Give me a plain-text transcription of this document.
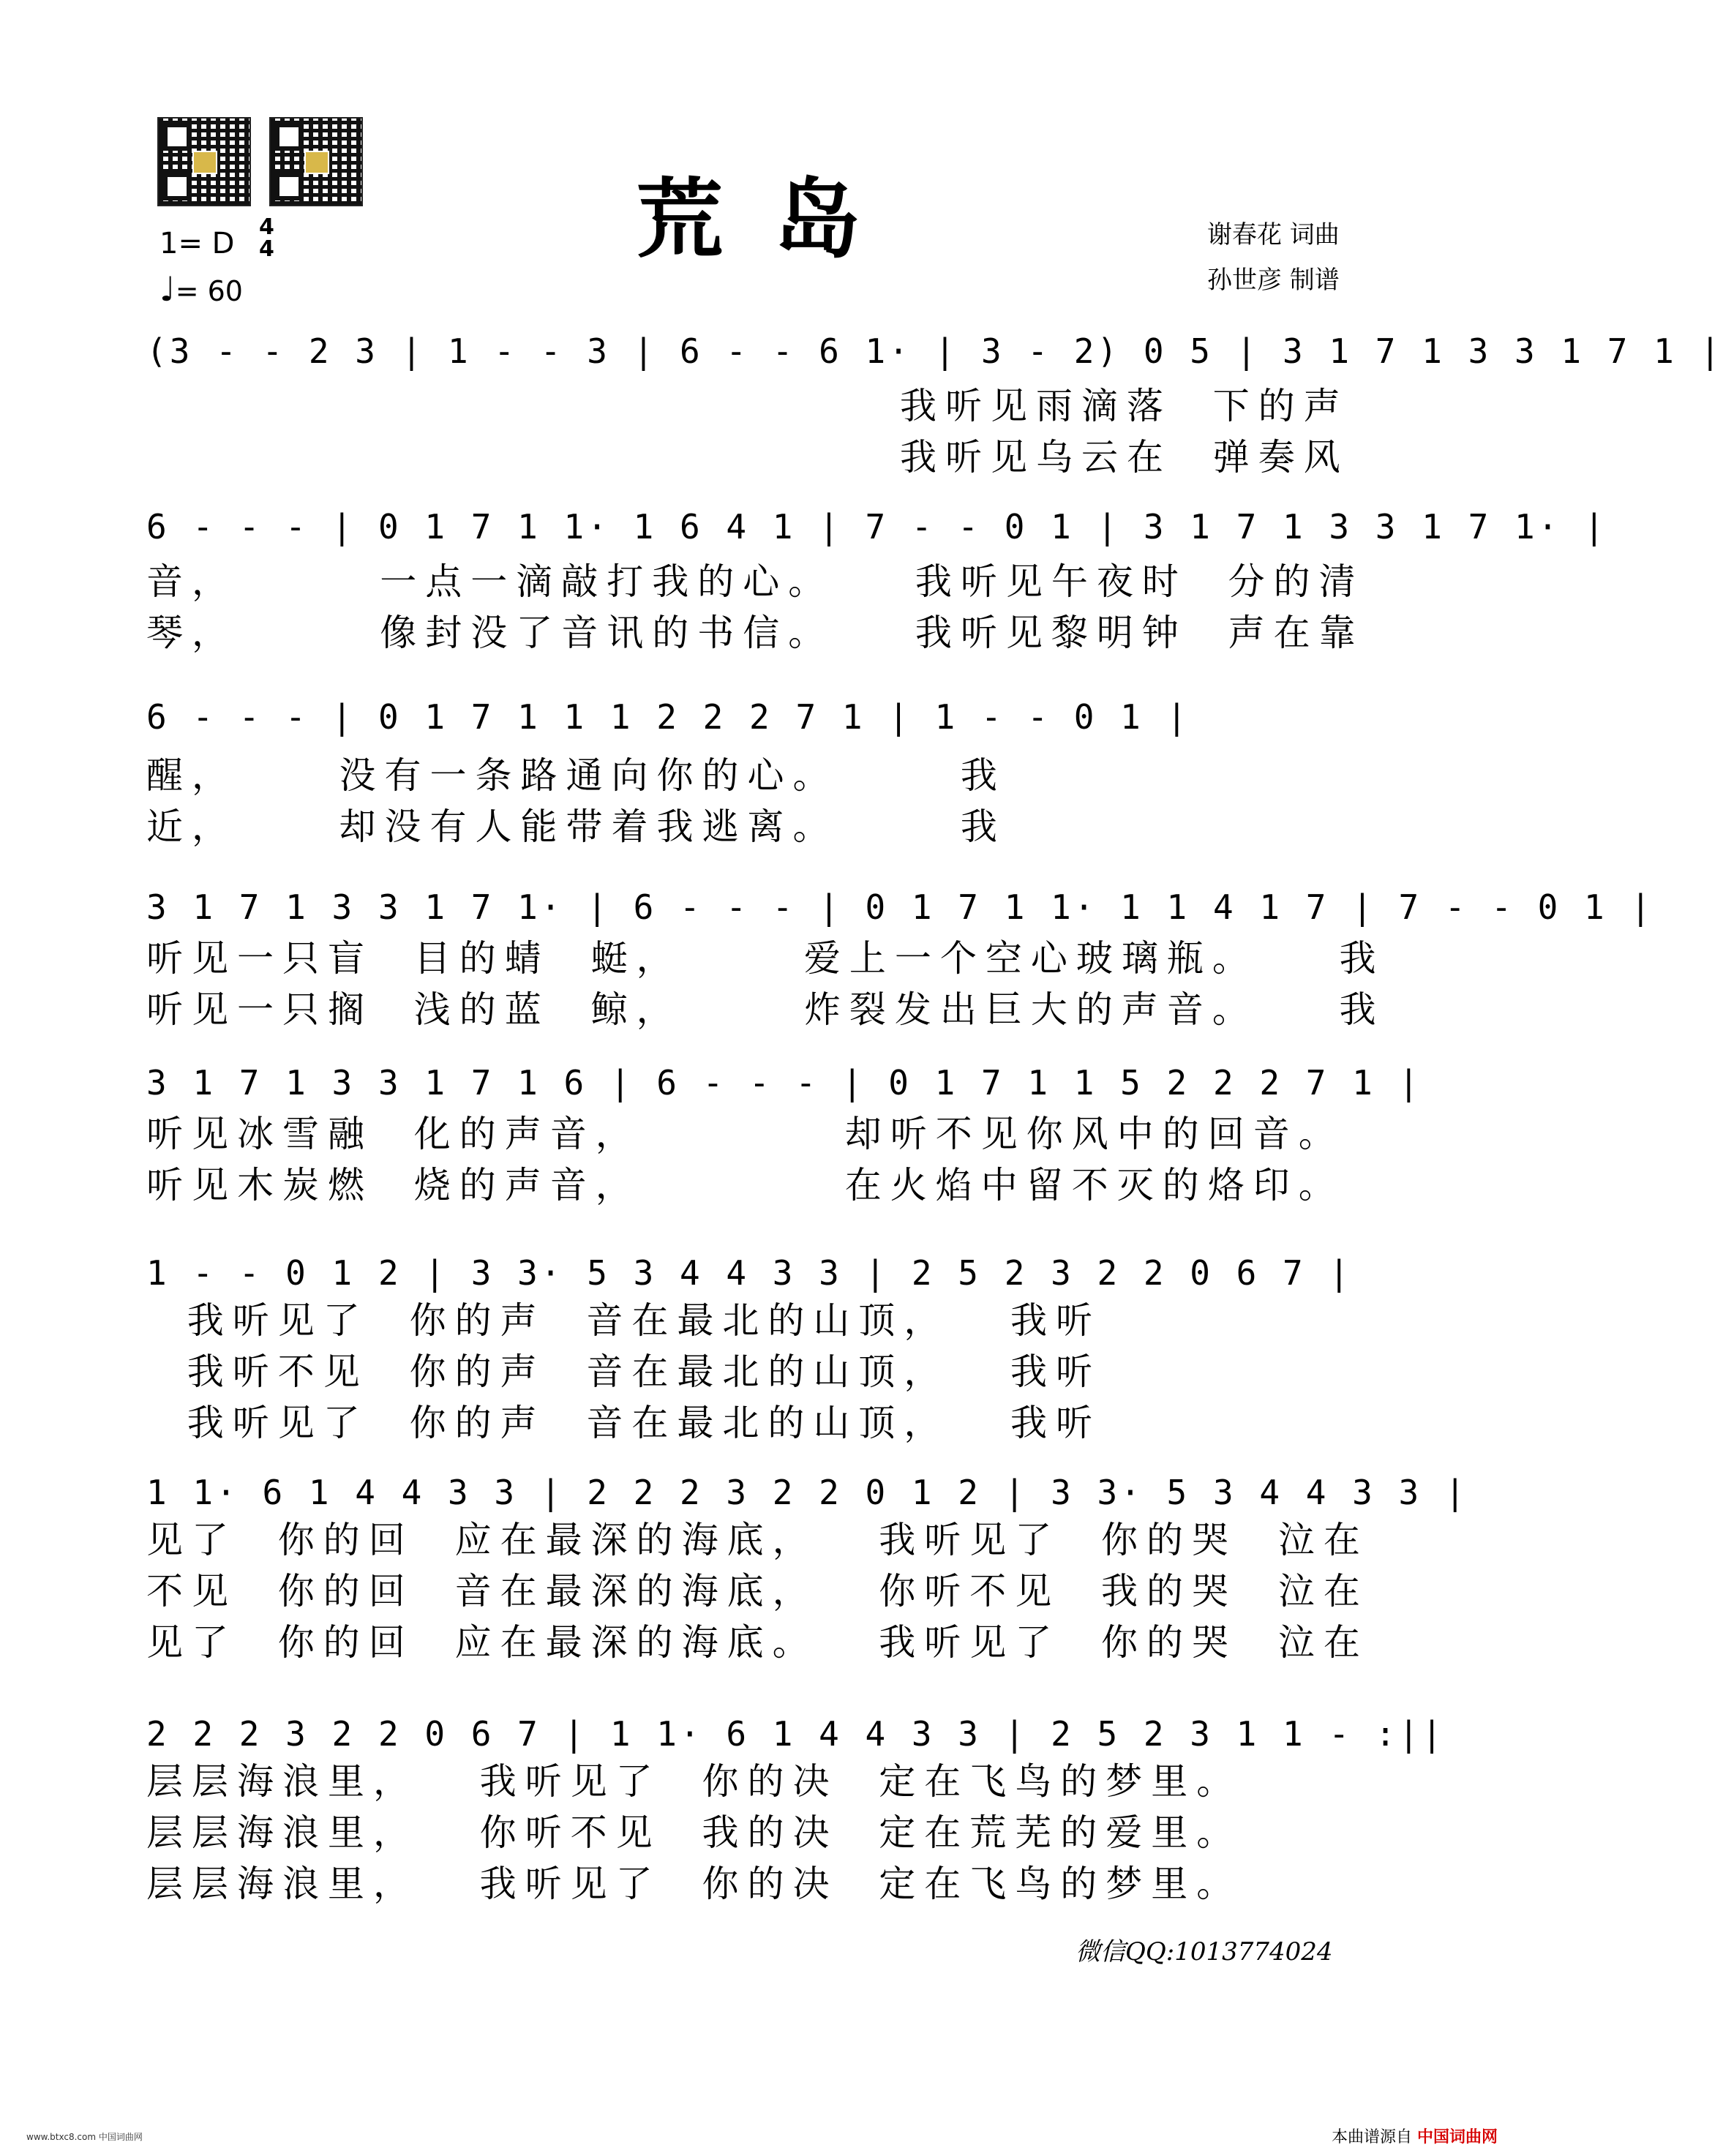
荒岛	谢春花 词曲
孙世彦 制谱
1= D 4
4
♩= 60
(3 - - 2 3 | 1 - - 3 | 6 - - 6 1· | 3 - 2) 0 5 | 3 1 7 1 3 3 1 7 1 |
我听见雨滴落  下的声
我听见乌云在  弹奏风
6 - - - | 0 1 7 1 1· 1 6 4 1 | 7 - - 0 1 | 3 1 7 1 3 3 1 7 1· |
音，       一点一滴敲打我的心。    我听见午夜时  分的清
琴，       像封没了音讯的书信。    我听见黎明钟  声在靠
6 - - - | 0 1 7 1 1 1 2 2 2 7 1 | 1 - - 0 1 |
醒，     没有一条路通向你的心。      我
近，     却没有人能带着我逃离。      我
3 1 7 1 3 3 1 7 1· | 6 - - - | 0 1 7 1 1· 1 1 4 1 7 | 7 - - 0 1 |
听见一只盲  目的蜻  蜓，      爱上一个空心玻璃瓶。    我
听见一只搁  浅的蓝  鲸，      炸裂发出巨大的声音。    我
3 1 7 1 3 3 1 7 1 6 | 6 - - - | 0 1 7 1 1 5 2 2 2 7 1 |
听见冰雪融  化的声音，          却听不见你风中的回音。
听见木炭燃  烧的声音，          在火焰中留不灭的烙印。
1 - - 0 1 2 | 3 3· 5 3 4 4 3 3 | 2 5 2 3 2 2 0 6 7 |
我听见了  你的声  音在最北的山顶，   我听
我听不见  你的声  音在最北的山顶，   我听
我听见了  你的声  音在最北的山顶，   我听
1 1· 6 1 4 4 3 3 | 2 2 2 3 2 2 0 1 2 | 3 3· 5 3 4 4 3 3 |
见了  你的回  应在最深的海底，   我听见了  你的哭  泣在
不见  你的回  音在最深的海底，   你听不见  我的哭  泣在
见了  你的回  应在最深的海底。   我听见了  你的哭  泣在
2 2 2 3 2 2 0 6 7 | 1 1· 6 1 4 4 3 3 | 2 5 2 3 1 1 - :||
层层海浪里，   我听见了  你的决  定在飞鸟的梦里。
层层海浪里，   你听不见  我的决  定在荒芜的爱里。
层层海浪里，   我听见了  你的决  定在飞鸟的梦里。
微信QQ:1013774024
www.btxc8.com 中国词曲网	本曲谱源自 中国词曲网
